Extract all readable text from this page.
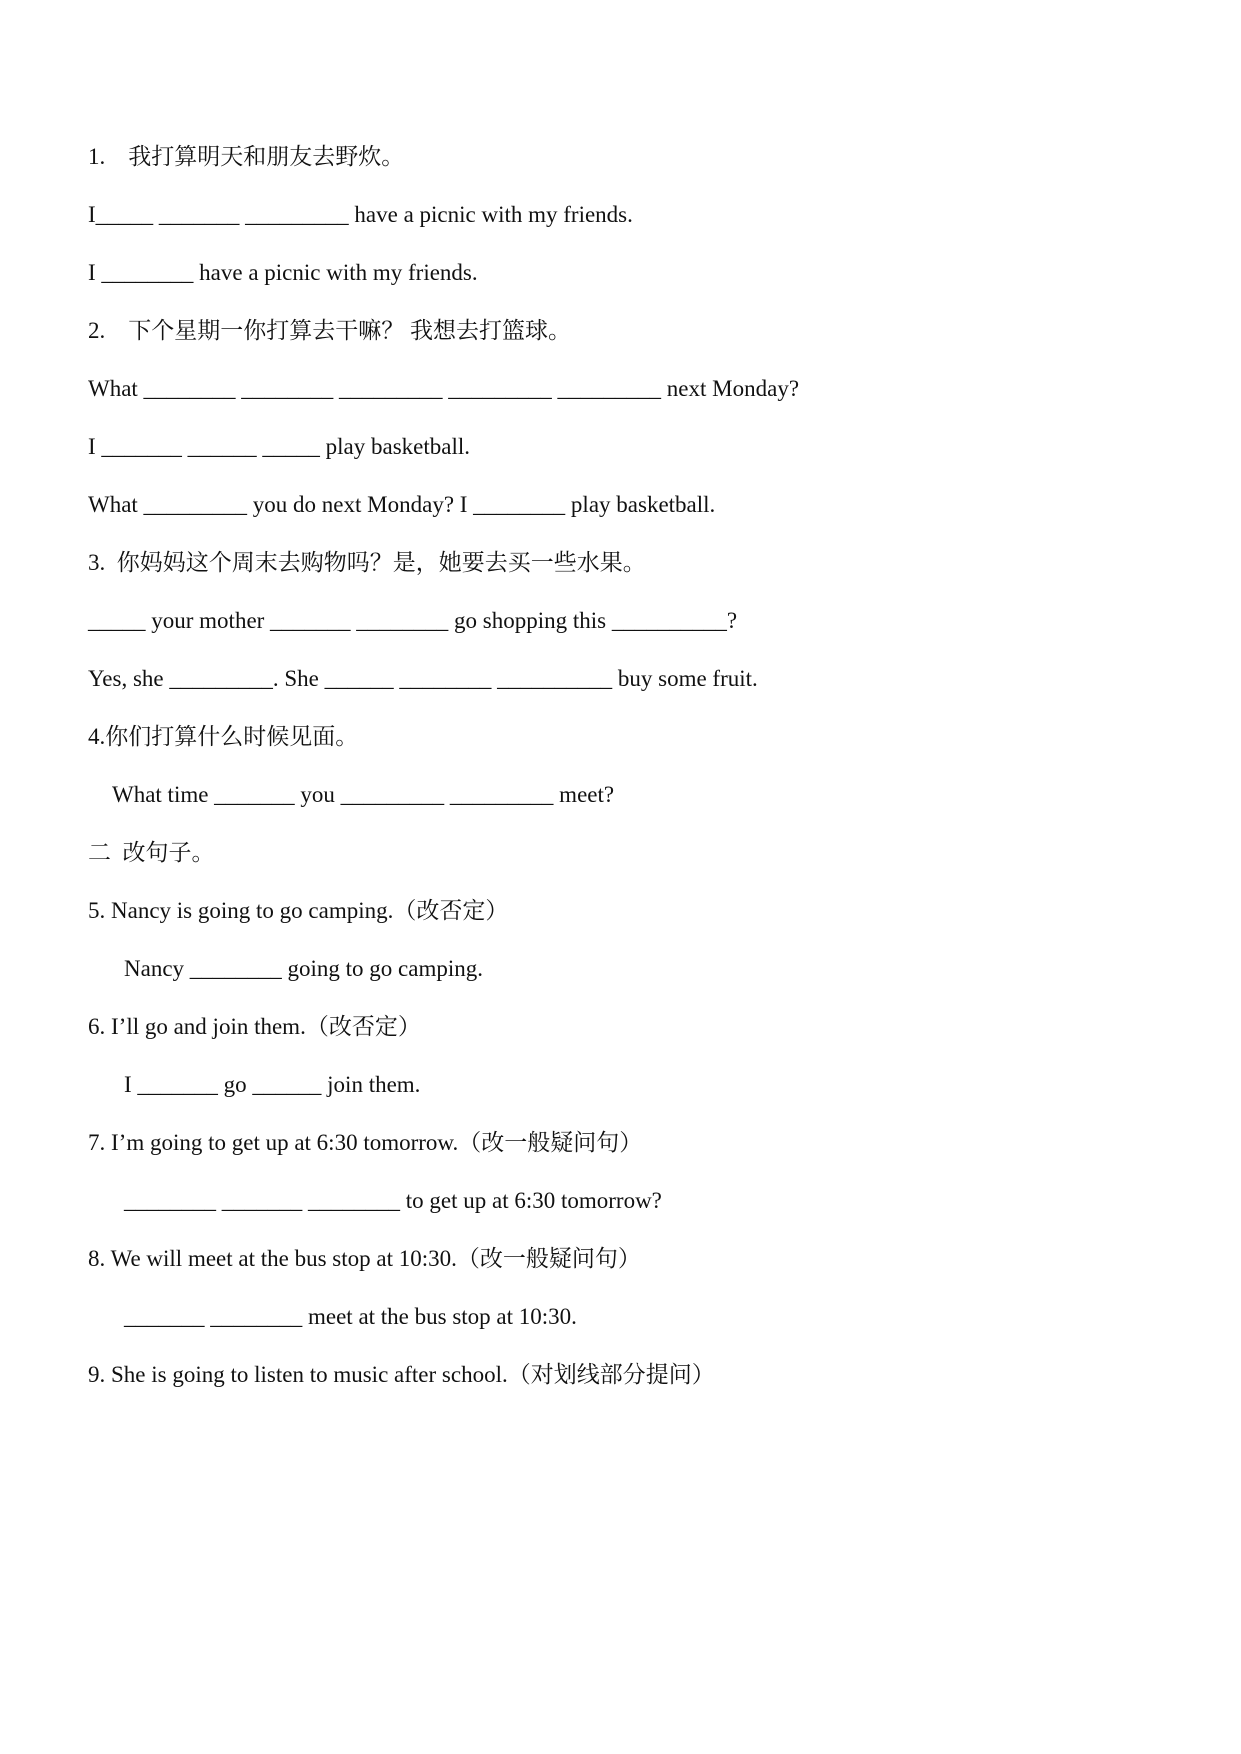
1.    我打算明天和朋友去野炊。
I_____ _______ _________ have a picnic with my friends.
I ________ have a picnic with my friends.
2.    下个星期一你打算去干嘛？ 我想去打篮球。
What ________ ________ _________ _________ _________ next Monday?
I _______ ______ _____ play basketball.
What _________ you do next Monday? I ________ play basketball.
3.  你妈妈这个周末去购物吗？是，她要去买一些水果。
_____ your mother _______ ________ go shopping this __________?
Yes, she _________. She ______ ________ __________ buy some fruit.
4.你们打算什么时候见面。
What time _______ you _________ _________ meet?
二  改句子。
5. Nancy is going to go camping.（改否定）
Nancy ________ going to go camping.
6. I’ll go and join them.（改否定）
I _______ go ______ join them.
7. I’m going to get up at 6:30 tomorrow.（改一般疑问句）
________ _______ ________ to get up at 6:30 tomorrow?
8. We will meet at the bus stop at 10:30.（改一般疑问句）
_______ ________ meet at the bus stop at 10:30.
9. She is going to listen to music after school.（对划线部分提问）
